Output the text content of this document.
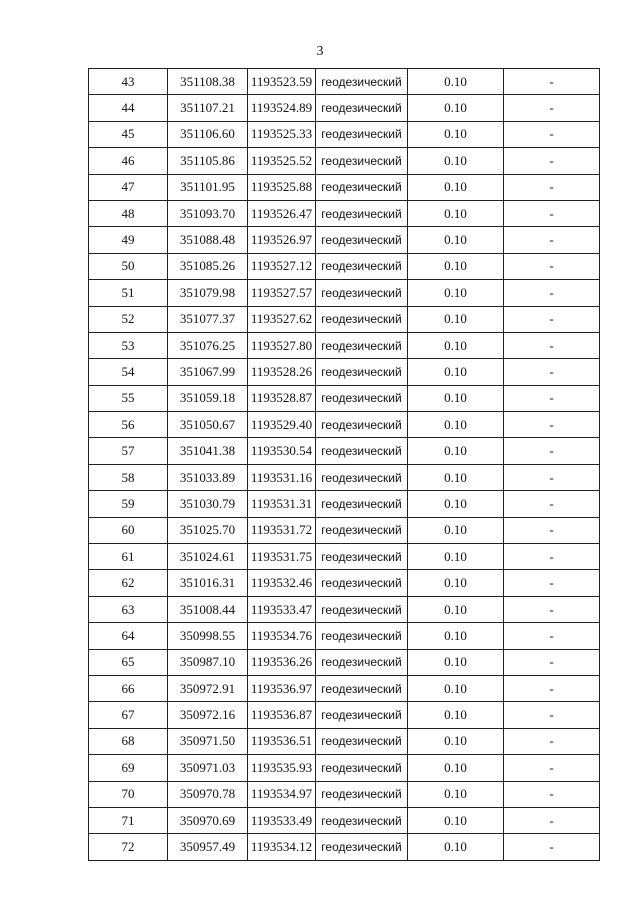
3
43	351108.38	1193523.59	геодезический	0.10	-
44	351107.21	1193524.89	геодезический	0.10	-
45	351106.60	1193525.33	геодезический	0.10	-
46	351105.86	1193525.52	геодезический	0.10	-
47	351101.95	1193525.88	геодезический	0.10	-
48	351093.70	1193526.47	геодезический	0.10	-
49	351088.48	1193526.97	геодезический	0.10	-
50	351085.26	1193527.12	геодезический	0.10	-
51	351079.98	1193527.57	геодезический	0.10	-
52	351077.37	1193527.62	геодезический	0.10	-
53	351076.25	1193527.80	геодезический	0.10	-
54	351067.99	1193528.26	геодезический	0.10	-
55	351059.18	1193528.87	геодезический	0.10	-
56	351050.67	1193529.40	геодезический	0.10	-
57	351041.38	1193530.54	геодезический	0.10	-
58	351033.89	1193531.16	геодезический	0.10	-
59	351030.79	1193531.31	геодезический	0.10	-
60	351025.70	1193531.72	геодезический	0.10	-
61	351024.61	1193531.75	геодезический	0.10	-
62	351016.31	1193532.46	геодезический	0.10	-
63	351008.44	1193533.47	геодезический	0.10	-
64	350998.55	1193534.76	геодезический	0.10	-
65	350987.10	1193536.26	геодезический	0.10	-
66	350972.91	1193536.97	геодезический	0.10	-
67	350972.16	1193536.87	геодезический	0.10	-
68	350971.50	1193536.51	геодезический	0.10	-
69	350971.03	1193535.93	геодезический	0.10	-
70	350970.78	1193534.97	геодезический	0.10	-
71	350970.69	1193533.49	геодезический	0.10	-
72	350957.49	1193534.12	геодезический	0.10	-
